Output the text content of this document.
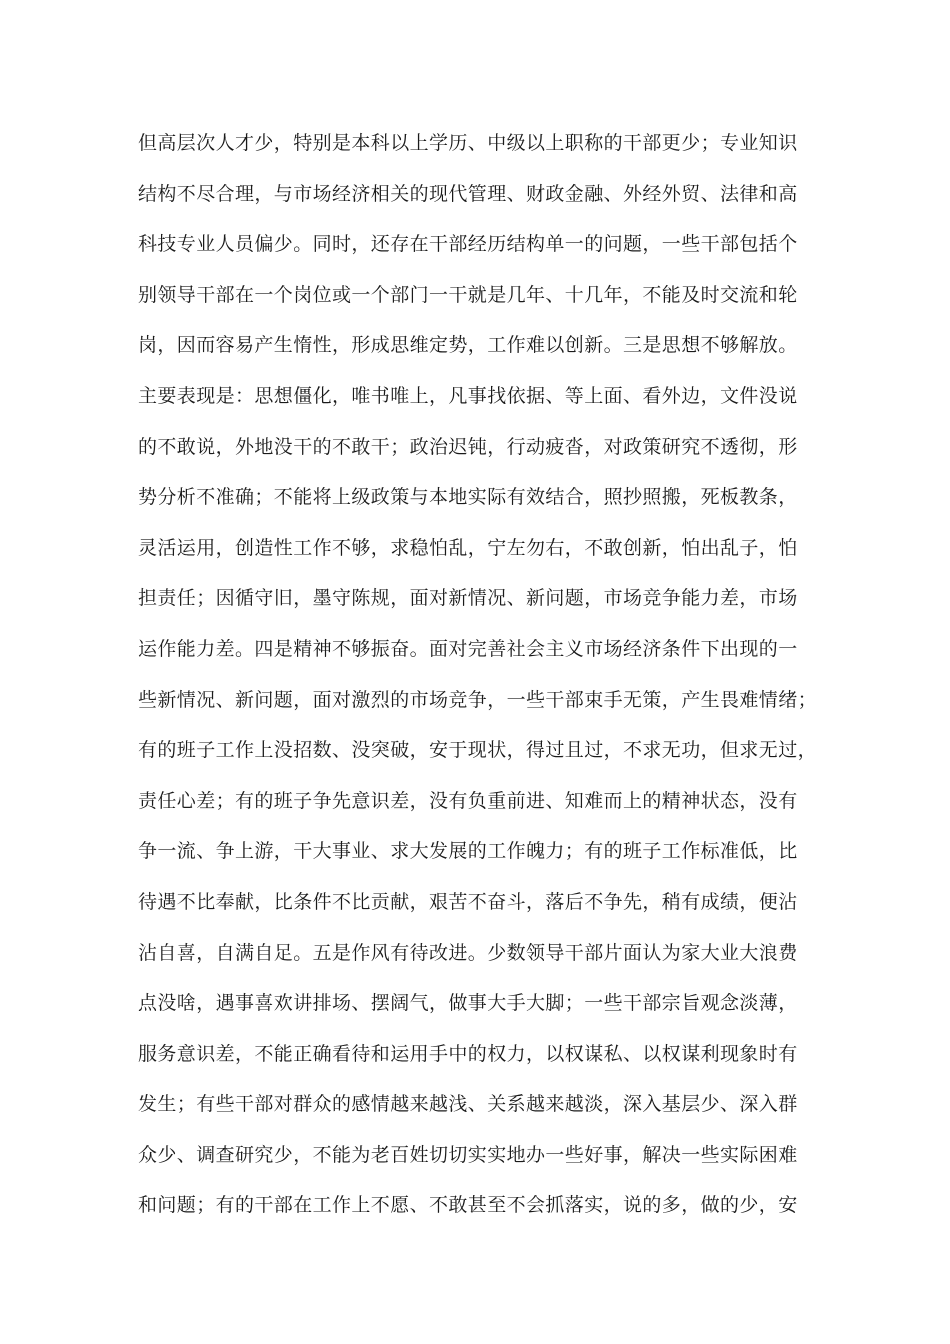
但高层次人才少，特别是本科以上学历、中级以上职称的干部更少；专业知识
结构不尽合理，与市场经济相关的现代管理、财政金融、外经外贸、法律和高
科技专业人员偏少。同时，还存在干部经历结构单一的问题，一些干部包括个
别领导干部在一个岗位或一个部门一干就是几年、十几年，不能及时交流和轮
岗，因而容易产生惰性，形成思维定势，工作难以创新。三是思想不够解放。
主要表现是：思想僵化，唯书唯上，凡事找依据、等上面、看外边，文件没说
的不敢说，外地没干的不敢干；政治迟钝，行动疲沓，对政策研究不透彻，形
势分析不准确；不能将上级政策与本地实际有效结合，照抄照搬，死板教条，
灵活运用，创造性工作不够，求稳怕乱，宁左勿右，不敢创新，怕出乱子，怕
担责任；因循守旧，墨守陈规，面对新情况、新问题，市场竞争能力差，市场
运作能力差。四是精神不够振奋。面对完善社会主义市场经济条件下出现的一
些新情况、新问题，面对激烈的市场竞争，一些干部束手无策，产生畏难情绪；
有的班子工作上没招数、没突破，安于现状，得过且过，不求无功，但求无过，
责任心差；有的班子争先意识差，没有负重前进、知难而上的精神状态，没有
争一流、争上游，干大事业、求大发展的工作魄力；有的班子工作标准低，比
待遇不比奉献，比条件不比贡献，艰苦不奋斗，落后不争先，稍有成绩，便沾
沾自喜，自满自足。五是作风有待改进。少数领导干部片面认为家大业大浪费
点没啥，遇事喜欢讲排场、摆阔气，做事大手大脚；一些干部宗旨观念淡薄，
服务意识差，不能正确看待和运用手中的权力，以权谋私、以权谋利现象时有
发生；有些干部对群众的感情越来越浅、关系越来越淡，深入基层少、深入群
众少、调查研究少，不能为老百姓切切实实地办一些好事，解决一些实际困难
和问题；有的干部在工作上不愿、不敢甚至不会抓落实，说的多，做的少，安
